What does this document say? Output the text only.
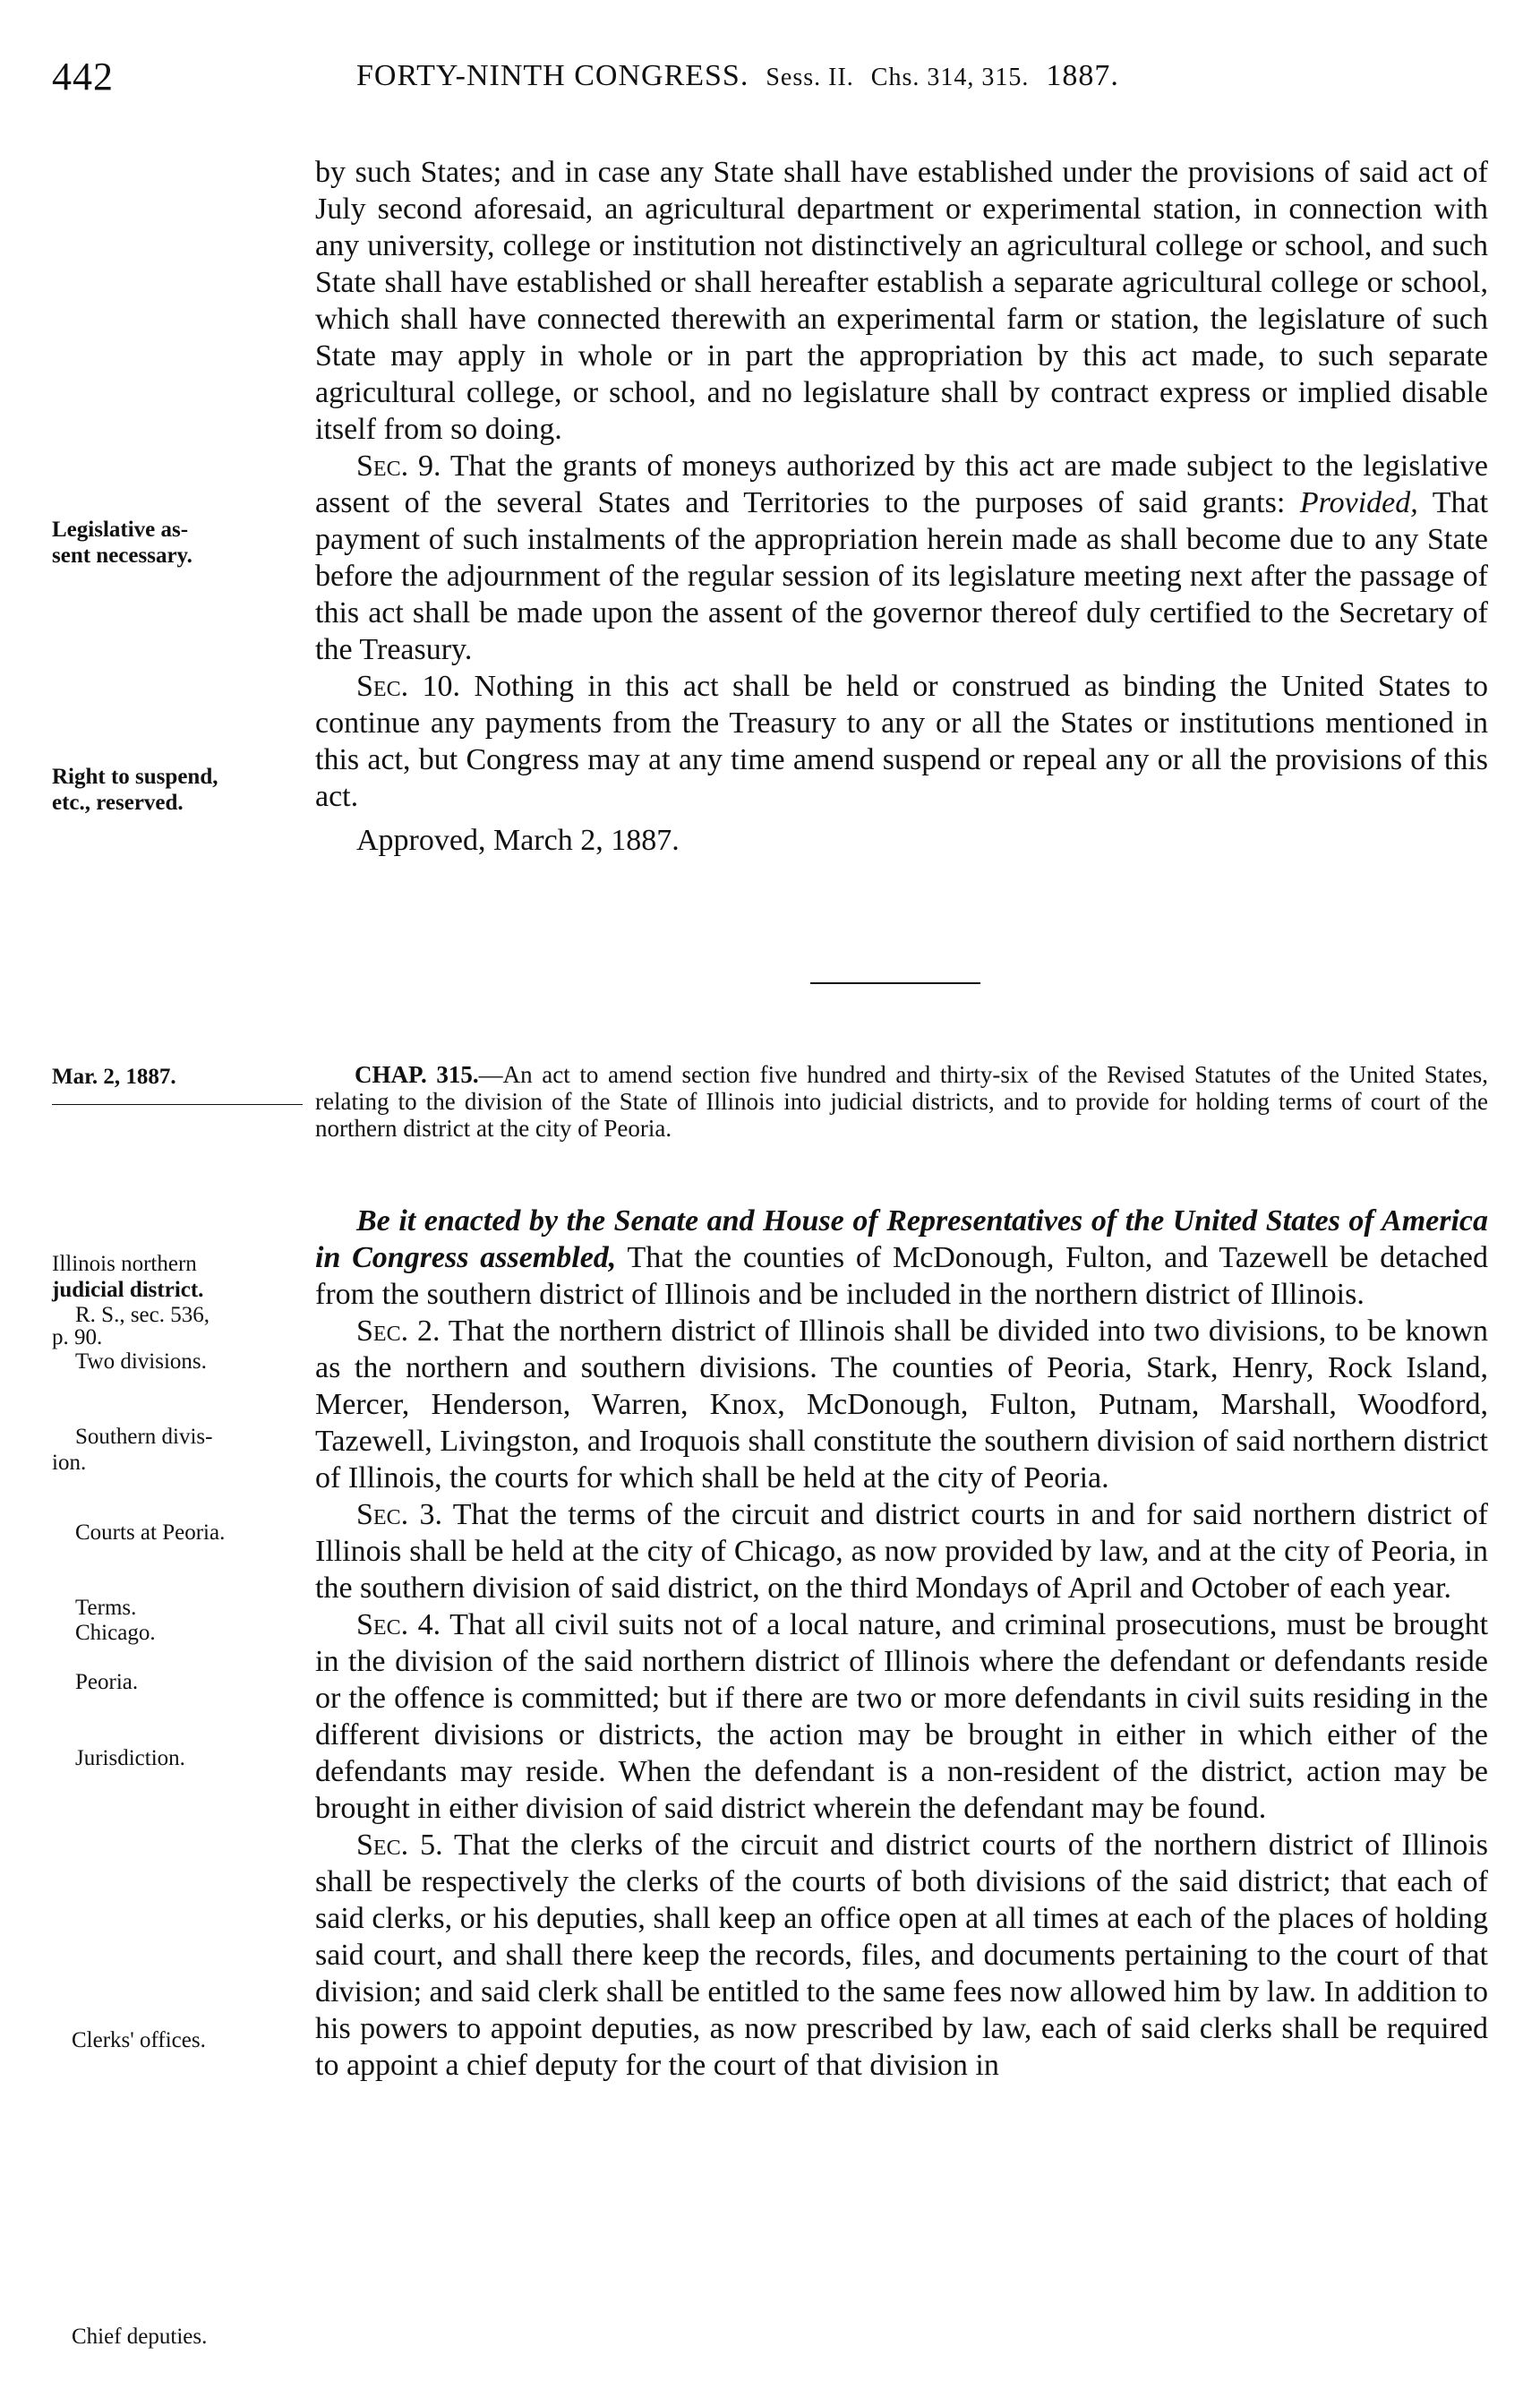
442	FORTY-NINTH CONGRESS. Sess. II. Chs. 314, 315. 1887.

by such States; and in case any State shall have established under the provisions of said act of July second aforesaid, an agricultural department or experimental station, in connection with any university, college or institution not distinctively an agricultural college or school, and such State shall have established or shall hereafter establish a separate agricultural college or school, which shall have connected therewith an experimental farm or station, the legislature of such State may apply in whole or in part the appropriation by this act made, to such separate agricultural college, or school, and no legislature shall by contract express or implied disable itself from so doing.

Sec. 9. That the grants of moneys authorized by this act are made subject to the legislative assent of the several States and Territories to the purposes of said grants: Provided, That payment of such instalments of the appropriation herein made as shall become due to any State before the adjournment of the regular session of its legislature meeting next after the passage of this act shall be made upon the assent of the governor thereof duly certified to the Secretary of the Treasury.

Sec. 10. Nothing in this act shall be held or construed as binding the United States to continue any payments from the Treasury to any or all the States or institutions mentioned in this act, but Congress may at any time amend suspend or repeal any or all the provisions of this act.

Approved, March 2, 1887.

Legislative as-
sent necessary.
Right to suspend,
etc., reserved.
Mar. 2, 1887.	CHAP. 315.—An act to amend section five hundred and thirty-six of the Revised Statutes of the United States, relating to the division of the State of Illinois into judicial districts, and to provide for holding terms of court of the northern district at the city of Peoria.

Be it enacted by the Senate and House of Representatives of the United States of America in Congress assembled, That the counties of McDonough, Fulton, and Tazewell be detached from the southern district of Illinois and be included in the northern district of Illinois.

Sec. 2. That the northern district of Illinois shall be divided into two divisions, to be known as the northern and southern divisions. The counties of Peoria, Stark, Henry, Rock Island, Mercer, Henderson, Warren, Knox, McDonough, Fulton, Putnam, Marshall, Woodford, Tazewell, Livingston, and Iroquois shall constitute the southern division of said northern district of Illinois, the courts for which shall be held at the city of Peoria.

Sec. 3. That the terms of the circuit and district courts in and for said northern district of Illinois shall be held at the city of Chicago, as now provided by law, and at the city of Peoria, in the southern division of said district, on the third Mondays of April and October of each year.

Sec. 4. That all civil suits not of a local nature, and criminal prosecutions, must be brought in the division of the said northern district of Illinois where the defendant or defendants reside or the offence is committed; but if there are two or more defendants in civil suits residing in the different divisions or districts, the action may be brought in either in which either of the defendants may reside. When the defendant is a non-resident of the district, action may be brought in either division of said district wherein the defendant may be found.

Sec. 5. That the clerks of the circuit and district courts of the northern district of Illinois shall be respectively the clerks of the courts of both divisions of the said district; that each of said clerks, or his deputies, shall keep an office open at all times at each of the places of holding said court, and shall there keep the records, files, and documents pertaining to the court of that division; and said clerk shall be entitled to the same fees now allowed him by law. In addition to his powers to appoint deputies, as now prescribed by law, each of said clerks shall be required to appoint a chief deputy for the court of that division in

Illinois northern
judicial district.
R. S., sec. 536,
p. 90.
Two divisions.
Southern divis-
ion.
Courts at Peoria.
Terms.
Chicago.
Peoria.
Jurisdiction.
Clerks' offices.
Chief deputies.
